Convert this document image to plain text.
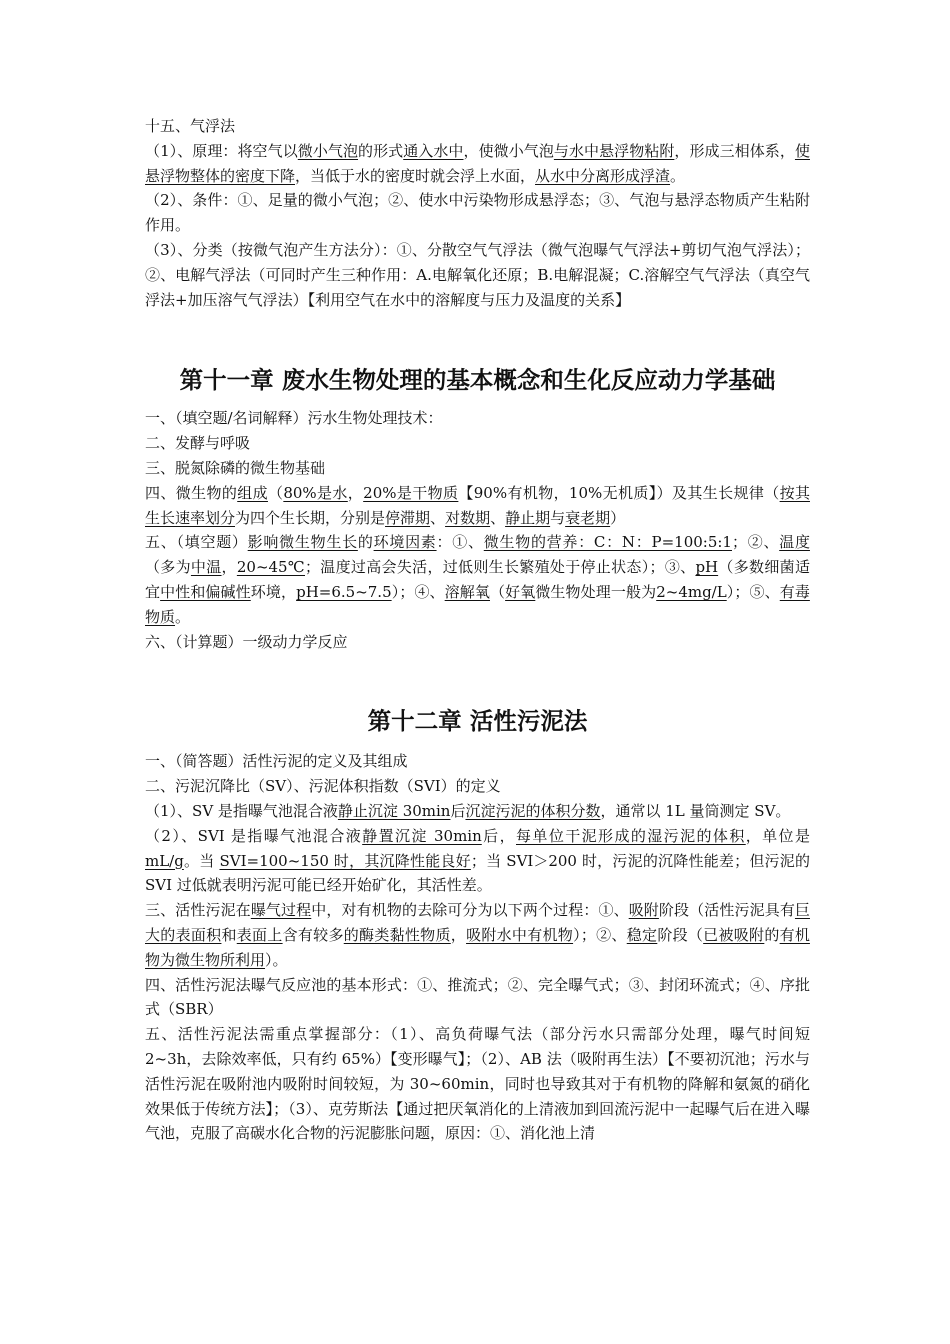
十五、气浮法

（1）、原理：将空气以微小气泡的形式通入水中，使微小气泡与水中悬浮物粘附，形成三相体系，使悬浮物整体的密度下降，当低于水的密度时就会浮上水面，从水中分离形成浮渣。

（2）、条件：①、足量的微小气泡；②、使水中污染物形成悬浮态；③、气泡与悬浮态物质产生粘附作用。

（3）、分类（按微气泡产生方法分）：①、分散空气气浮法（微气泡曝气气浮法+剪切气泡气浮法）；②、电解气浮法（可同时产生三种作用：A.电解氧化还原；B.电解混凝；C.溶解空气气浮法（真空气浮法+加压溶气气浮法）【利用空气在水中的溶解度与压力及温度的关系】

第十一章 废水生物处理的基本概念和生化反应动力学基础

一、（填空题/名词解释）污水生物处理技术：

二、发酵与呼吸

三、脱氮除磷的微生物基础

四、微生物的组成（80%是水，20%是干物质【90%有机物，10%无机质】）及其生长规律（按其生长速率划分为四个生长期，分别是停滞期、对数期、静止期与衰老期）

五、（填空题）影响微生物生长的环境因素：①、微生物的营养：C：N：P=100:5:1；②、温度（多为中温，20~45℃；温度过高会失活，过低则生长繁殖处于停止状态）；③、pH（多数细菌适宜中性和偏碱性环境，pH=6.5~7.5）；④、溶解氧（好氧微生物处理一般为2~4mg/L）；⑤、有毒物质。

六、（计算题）一级动力学反应

第十二章 活性污泥法

一、（简答题）活性污泥的定义及其组成

二、污泥沉降比（SV）、污泥体积指数（SVI）的定义

（1）、SV 是指曝气池混合液静止沉淀 30min后沉淀污泥的体积分数，通常以 1L 量筒测定 SV。

（2）、SVI 是指曝气池混合液静置沉淀 30min后，每单位干泥形成的湿污泥的体积，单位是mL/g。当 SVI=100~150 时，其沉降性能良好；当 SVI＞200 时，污泥的沉降性能差；但污泥的 SVI 过低就表明污泥可能已经开始矿化，其活性差。

三、活性污泥在曝气过程中，对有机物的去除可分为以下两个过程：①、吸附阶段（活性污泥具有巨大的表面积和表面上含有较多的酶类黏性物质，吸附水中有机物）；②、稳定阶段（已被吸附的有机物为微生物所利用）。

四、活性污泥法曝气反应池的基本形式：①、推流式；②、完全曝气式；③、封闭环流式；④、序批式（SBR）

五、活性污泥法需重点掌握部分：（1）、高负荷曝气法（部分污水只需部分处理，曝气时间短 2~3h，去除效率低，只有约 65%）【变形曝气】；（2）、AB 法（吸附再生法）【不要初沉池；污水与活性污泥在吸附池内吸附时间较短，为 30~60min，同时也导致其对于有机物的降解和氨氮的硝化效果低于传统方法】；（3）、克劳斯法【通过把厌氧消化的上清液加到回流污泥中一起曝气后在进入曝气池，克服了高碳水化合物的污泥膨胀问题，原因：①、消化池上清
